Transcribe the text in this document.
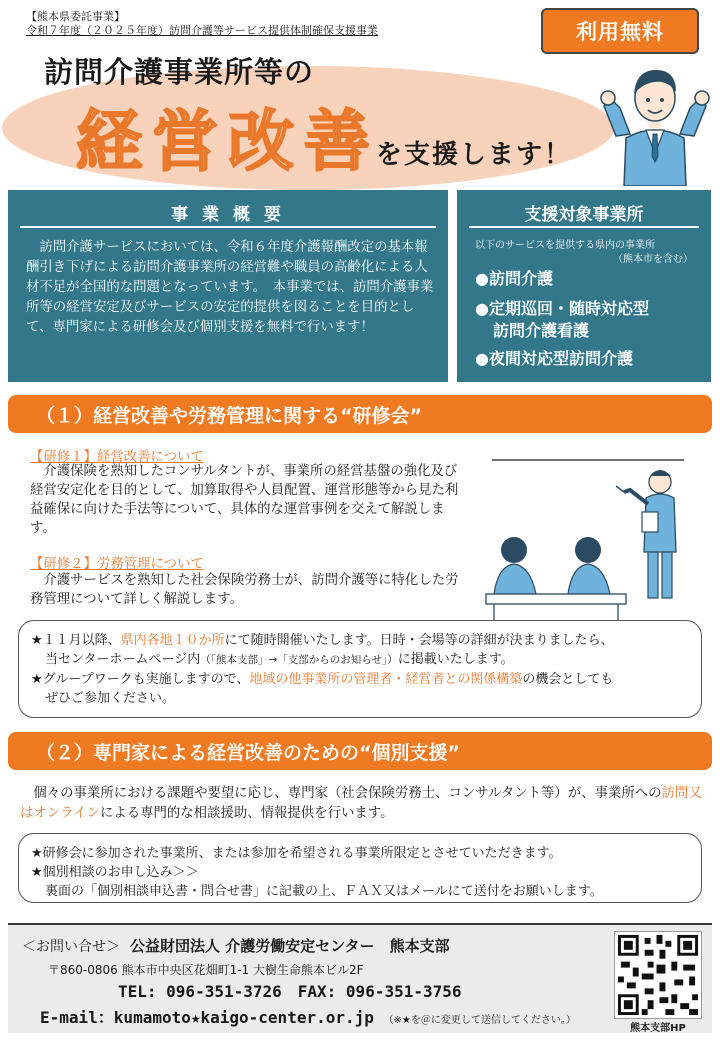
【熊本県委託事業】
令和７年度（２０２５年度）訪問介護等サービス提供体制確保支援事業	利用無料
訪問介護事業所等の
経営改善
を支援します！
事 業 概 要
　訪問介護サービスにおいては、令和６年度介護報酬改定の基本報酬引き下げによる訪問介護事業所の経営難や職員の高齢化による人材不足が全国的な問題となっています。　本事業では、訪問介護事業所等の経営安定及びサービスの安定的提供を図ることを目的として、専門家による研修会及び個別支援を無料で行います！
支援対象事業所
以下のサービスを提供する県内の事業所
（熊本市を含む）
●訪問介護
●定期巡回・随時対応型
訪問介護看護
●夜間対応型訪問介護
（１）経営改善や労務管理に関する“研修会”
【研修１】経営改善について
　介護保険を熟知したコンサルタントが、事業所の経営基盤の強化及び経営安定化を目的として、加算取得や人員配置、運営形態等から見た利益確保に向けた手法等について、具体的な運営事例を交えて解説します。
【研修２】労務管理について
　介護サービスを熟知した社会保険労務士が、訪問介護等に特化した労務管理について詳しく解説します。
★１１月以降、県内各地１０か所にて随時開催いたします。日時・会場等の詳細が決まりましたら、
当センターホームページ内（「熊本支部」→「支部からのお知らせ」）に掲載いたします。
★グループワークも実施しますので、地域の他事業所の管理者・経営者との関係構築の機会としても
ぜひご参加ください。
（２）専門家による経営改善のための“個別支援”
　個々の事業所における課題や要望に応じ、専門家（社会保険労務士、コンサルタント等）が、事業所への訪問又はオンラインによる専門的な相談援助、情報提供を行います。
★研修会に参加された事業所、または参加を希望される事業所限定とさせていただきます。
★個別相談のお申し込み＞＞
裏面の「個別相談申込書・問合せ書」に記載の上、ＦＡＸ又はメールにて送付をお願いします。
＜お問い合せ＞ 公益財団法人 介護労働安定センター　熊本支部
〒860-0806 熊本市中央区花畑町1-1 大樹生命熊本ビル2F
TEL: 096-351-3726　FAX: 096-351-3756
E-mail：kumamoto★kaigo-center.or.jp （※★を＠に変更して送信してください。）
熊本支部HP
